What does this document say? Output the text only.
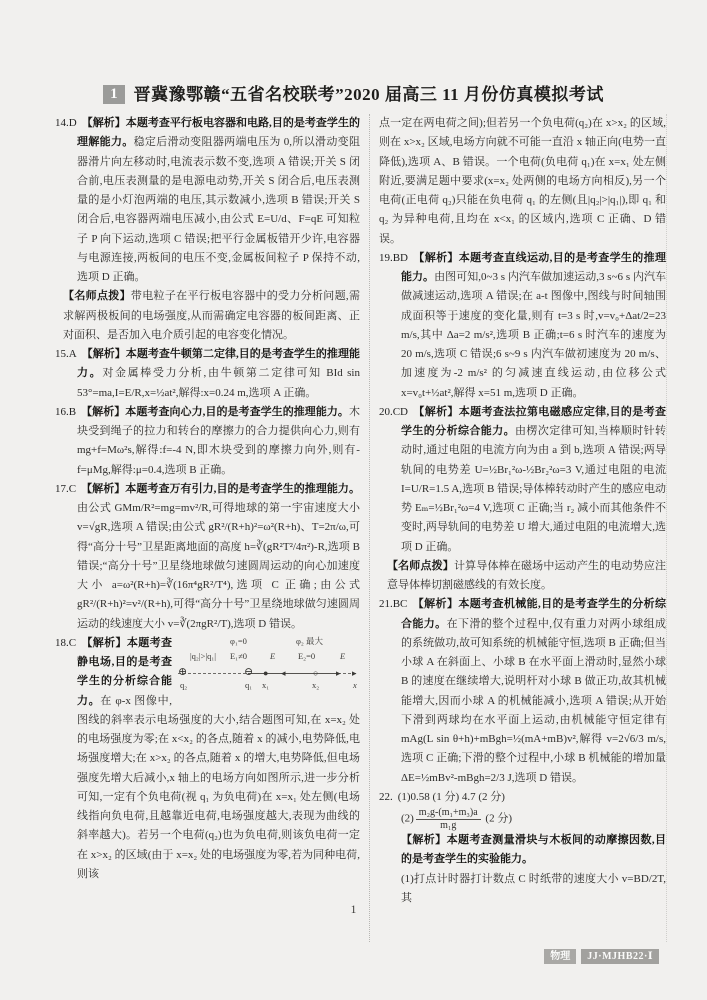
1 晋冀豫鄂赣“五省名校联考”2020 届高三 11 月份仿真模拟考试

14.D 【解析】本题考查平行板电容器和电路,目的是考查学生的理解能力。稳定后滑动变阻器两端电压为 0,所以滑动变阻器滑片向左移动时,电流表示数不变,选项 A 错误;开关 S 闭合前,电压表测量的是电源电动势,开关 S 闭合后,电压表测量的是小灯泡两端的电压,其示数减小,选项 B 错误;开关 S 闭合后,电容器两端电压减小,由公式 E=U/d、F=qE 可知粒子 P 向下运动,选项 C 错误;把平行金属板错开少许,电容器与电源连接,两板间的电压不变,金属板间粒子 P 保持不动,选项 D 正确。

【名师点拨】带电粒子在平行板电容器中的受力分析问题,需求解两极板间的电场强度,从而需确定电容器的板间距离、正对面积、是否加入电介质引起的电容变化情况。

15.A 【解析】本题考查牛顿第二定律,目的是考查学生的推理能力。对金属棒受力分析,由牛顿第二定律可知 BId sin 53°=ma,I=E/R,x=½at²,解得:x=0.24 m,选项 A 正确。

16.B 【解析】本题考查向心力,目的是考查学生的推理能力。木块受到绳子的拉力和转台的摩擦力的合力提供向心力,则有 mg+f=Mω²s,解得:f=-4 N,即木块受到的摩擦力向外,则有-f=μMg,解得:μ=0.4,选项 B 正确。

17.C 【解析】本题考查万有引力,目的是考查学生的推理能力。由公式 GMm/R²=mg=mv²/R,可得地球的第一宇宙速度大小 v=√gR,选项 A 错误;由公式 gR²/(R+h)²=ω²(R+h)、T=2π/ω,可得“高分十号”卫星距离地面的高度 h=∛(gR²T²/4π²)-R,选项 B 错误;“高分十号”卫星绕地球做匀速圆周运动的向心加速度大小 a=ω²(R+h)=∛(16π⁴gR²/T⁴),选项 C 正确;由公式 gR²/(R+h)²=v²/(R+h),可得“高分十号”卫星绕地球做匀速圆周运动的线速度大小 v=∛(2πgR²/T),选项 D 错误。

18.C	φ₁=0	φ₂ 最大
|q₂|>|q₁| E₁≠0	E	E₂=0	E
⊕	⊖ ●	○
◂	▸ ▸
q₂	q₁ x₁	x₂	x
【解析】本题考查静电场,目的是考查学生的分析综合能力。在 φ-x 图像中,图线的斜率表示电场强度的大小,结合题图可知,在 x=x₂ 处的电场强度为零;在 x<x₂ 的各点,随着 x 的减小,电势降低,电场强度增大;在 x>x₂ 的各点,随着 x 的增大,电势降低,但电场强度先增大后减小,x 轴上的电场方向如图所示,进一步分析可知,一定有个负电荷(视 q₁ 为负电荷)在 x=x₁ 处左侧(电场线指向负电荷,且越靠近电荷,电场强度越大,表现为曲线的斜率越大)。若另一个电荷(q₂)也为负电荷,则该负电荷一定在 x>x₂ 的区域(由于 x=x₂ 处的电场强度为零,若为同种电荷,则该

点一定在两电荷之间);但若另一个负电荷(q₂)在 x>x₂ 的区域,则在 x>x₂ 区域,电场方向就不可能一直沿 x 轴正向(电势一直降低),选项 A、B 错误。一个电荷(负电荷 q₁)在 x=x₁ 处左侧附近,要满足题中要求(x=x₂ 处两侧的电场方向相反),另一个电荷(正电荷 q₂)只能在负电荷 q₁ 的左侧(且|q₂|>|q₁|),即 q₁ 和 q₂ 为异种电荷,且均在 x<x₁ 的区域内,选项 C 正确、D 错误。

19.BD 【解析】本题考查直线运动,目的是考查学生的推理能力。由图可知,0~3 s 内汽车做加速运动,3 s~6 s 内汽车做减速运动,选项 A 错误;在 a-t 图像中,图线与时间轴围成面积等于速度的变化量,则有 t=3 s 时,v=v₀+Δat/2=23 m/s,其中 Δa=2 m/s²,选项 B 正确;t=6 s 时汽车的速度为 20 m/s,选项 C 错误;6 s~9 s 内汽车做初速度为 20 m/s、加速度为-2 m/s² 的匀减速直线运动,由位移公式 x=v₀t+½at²,解得 x=51 m,选项 D 正确。

20.CD 【解析】本题考查法拉第电磁感应定律,目的是考查学生的分析综合能力。由楞次定律可知,当棒顺时针转动时,通过电阻的电流方向为由 a 到 b,选项 A 错误;两导轨间的电势差 U=½Br₁²ω-½Br₂²ω=3 V,通过电阻的电流 I=U/R=1.5 A,选项 B 错误;导体棒转动时产生的感应电动势 Eₘ=½Br₁²ω=4 V,选项 C 正确;当 r₂ 减小而其他条件不变时,两导轨间的电势差 U 增大,通过电阻的电流增大,选项 D 正确。

【名师点拨】计算导体棒在磁场中运动产生的电动势应注意导体棒切割磁感线的有效长度。

21.BC 【解析】本题考查机械能,目的是考查学生的分析综合能力。在下滑的整个过程中,仅有重力对两小球组成的系统做功,故可知系统的机械能守恒,选项 B 正确;但当小球 A 在斜面上、小球 B 在水平面上滑动时,显然小球 B 的速度在继续增大,说明杆对小球 B 做正功,故其机械能增大,因而小球 A 的机械能减小,选项 A 错误;从开始下滑到两球均在水平面上运动,由机械能守恒定律有 mAg(L sin θ+h)+mBgh=½(mA+mB)v²,解得 v=2√6/3 m/s,选项 C 正确;下滑的整个过程中,小球 B 机械能的增加量 ΔE=½mBv²-mBgh=2/3 J,选项 D 错误。

22. (1)0.58 (1 分) 4.7 (2 分)
$(2) \frac{\text{m₂g-(m₁+m₃)a}}{\text{m₁g}} (2$ 分)
【解析】本题考查测量滑块与木板间的动摩擦因数,目的是考查学生的实验能力。
(1)打点计时器打计数点 C 时纸带的速度大小 v=BD/2T,其

1
物理 JJ·MJHB22·Ⅰ
